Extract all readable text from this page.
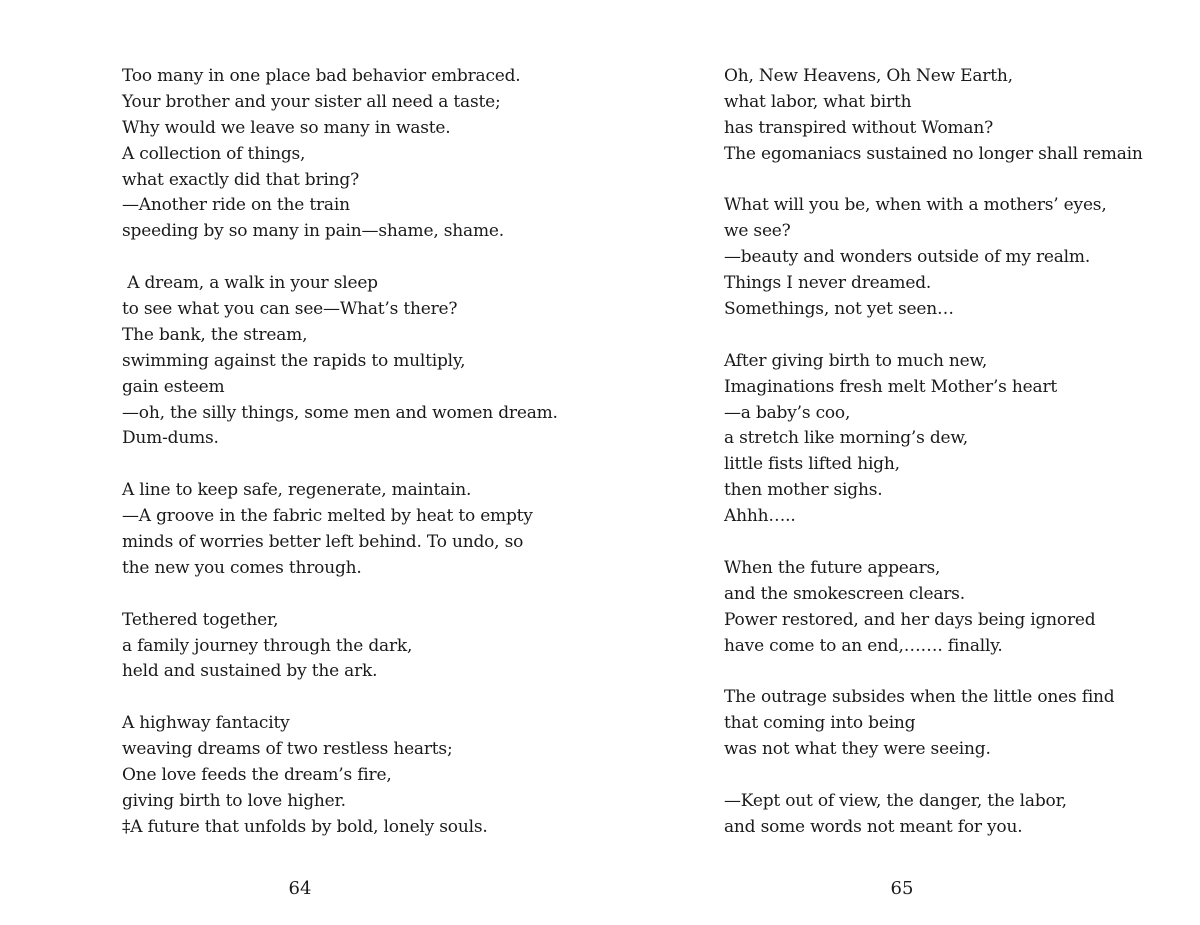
Too many in one place bad behavior embraced.
Your brother and your sister all need a taste;
Why would we leave so many in waste.
A collection of things,
what exactly did that bring?
—Another ride on the train
speeding by so many in pain—shame, shame.
A dream, a walk in your sleep
to see what you can see—What’s there?
The bank, the stream,
swimming against the rapids to multiply,
gain esteem
—oh, the silly things, some men and women dream.
Dum-dums.
A line to keep safe, regenerate, maintain.
—A groove in the fabric melted by heat to empty
minds of worries better left behind. To undo, so
the new you comes through.
Tethered together,
a family journey through the dark,
held and sustained by the ark.
A highway fantacity
weaving dreams of two restless hearts;
One love feeds the dream’s fire,
giving birth to love higher.
‡A future that unfolds by bold, lonely souls.
64
Oh, New Heavens, Oh New Earth,
what labor, what birth
has transpired without Woman?
The egomaniacs sustained no longer shall remain
What will you be, when with a mothers’ eyes,
we see?
—beauty and wonders outside of my realm.
Things I never dreamed.
Somethings, not yet seen…
After giving birth to much new,
Imaginations fresh melt Mother’s heart
—a baby’s coo,
a stretch like morning’s dew,
little fists lifted high,
then mother sighs.
Ahhh…..
When the future appears,
and the smokescreen clears.
Power restored, and her days being ignored
have come to an end,……. finally.
The outrage subsides when the little ones find
that coming into being
was not what they were seeing.
—Kept out of view, the danger, the labor,
and some words not meant for you.
65
